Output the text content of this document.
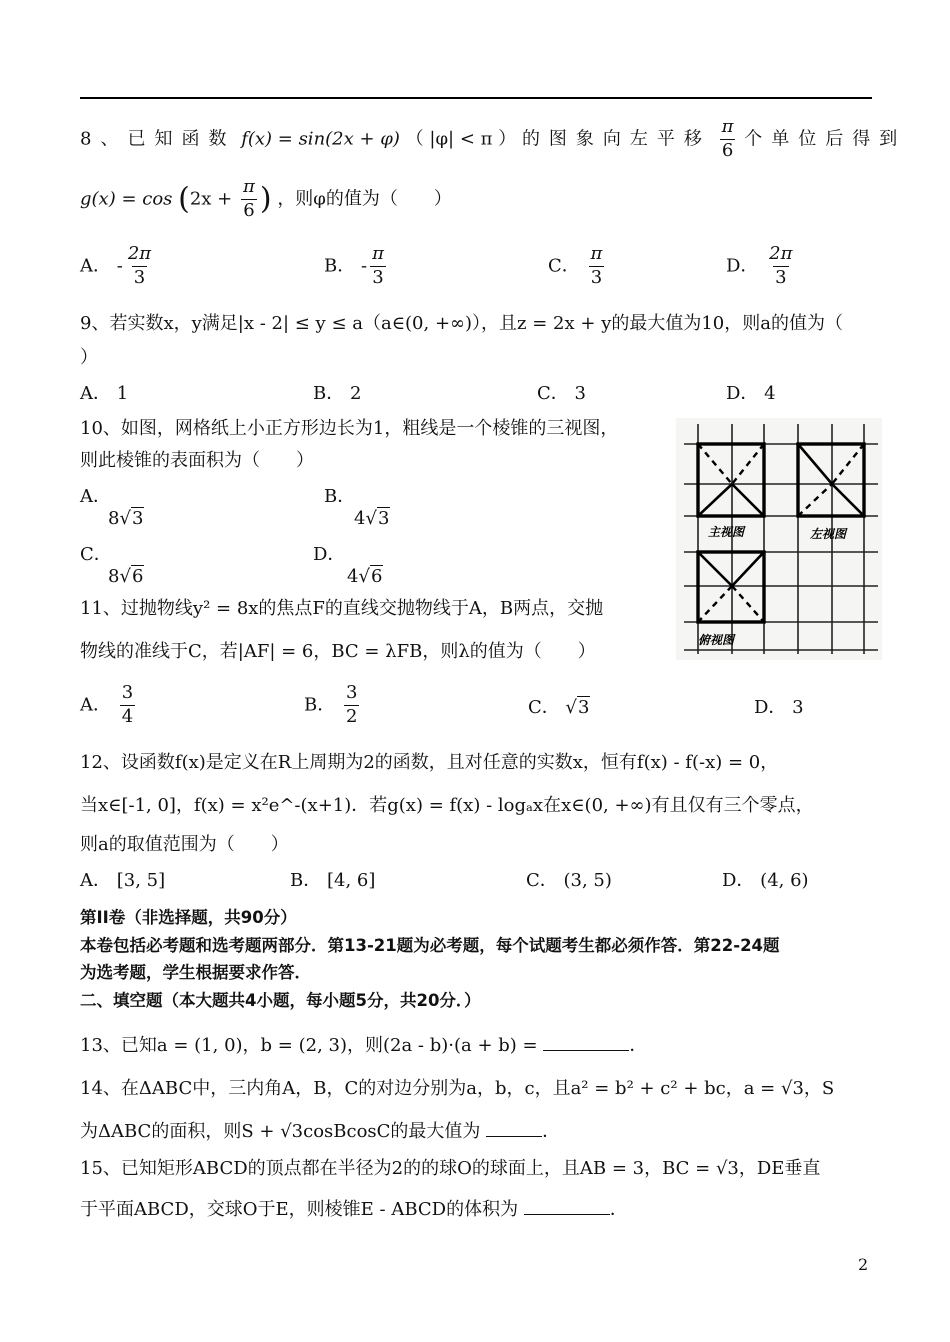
8、已知函数 f(x) = sin(2x + φ) （ |φ| < π ） 的图象向左平移 $\frac{\pi}{6}$ 个单位后得到
$g(x) = \cos (2x + \frac{\pi}{6}$ ) ，则φ的值为（　　）
A． - $\frac{2\pi}{3}$	B． - $\frac{\pi}{3}$	C． $\frac{\pi}{3}$	D． $\frac{2\pi}{3}$
9、若实数x，y满足|x - 2| ≤ y ≤ a（a∈(0, +∞)），且z = 2x + y的最大值为10，则a的值为（
）
A． 1	B． 2	C． 3	D． 4
10、如图，网格纸上小正方形边长为1，粗线是一个棱锥的三视图，
则此棱锥的表面积为（　　）
A．
8√3
B．
4√3
C．
8√6
D．
4√6
主视图	左视图
俯视图
11、过抛物线y² = 8x的焦点F的直线交抛物线于A，B两点，交抛
物线的准线于C，若|AF| = 6，BC = λFB，则λ的值为（　　）
A． $\frac{3}{4}$	B． $\frac{3}{2}$	C． √3	D． 3
12、设函数f(x)是定义在R上周期为2的函数，且对任意的实数x，恒有f(x) - f(-x) = 0，
当x∈[-1, 0]，f(x) = x²e^-(x+1)．若g(x) = f(x) - logₐx在x∈(0, +∞)有且仅有三个零点，
则a的取值范围为（　　）
A． [3, 5]	B． [4, 6]	C． (3, 5)	D． (4, 6)
第II卷（非选择题，共90分）
本卷包括必考题和选考题两部分．第13-21题为必考题，每个试题考生都必须作答．第22-24题
为选考题，学生根据要求作答．
二、填空题（本大题共4小题，每小题5分，共20分．）
13、已知a = (1, 0)，b = (2, 3)，则(2a - b)·(a + b) =	．
14、在ΔABC中，三内角A，B，C的对边分别为a，b，c，且a² = b² + c² + bc，a = √3，S
为ΔABC的面积，则S + √3cosBcosC的最大值为	．
15、已知矩形ABCD的顶点都在半径为2的的球O的球面上，且AB = 3，BC = √3，DE垂直
于平面ABCD，交球O于E，则棱锥E - ABCD的体积为	．
2
